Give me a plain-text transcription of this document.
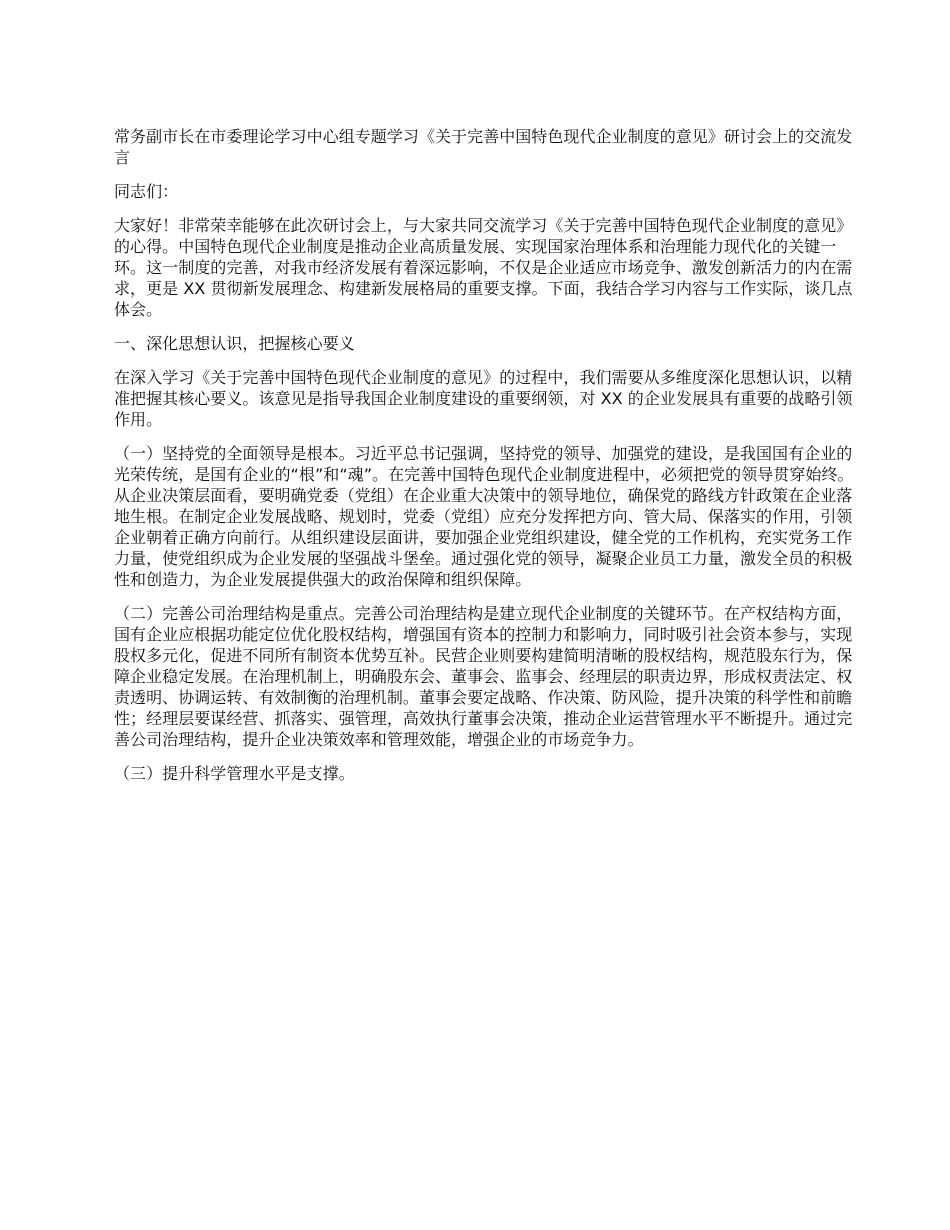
常务副市长在市委理论学习中心组专题学习《关于完善中国特色现代企业制度的意见》研讨会上的交流发言

同志们：

大家好！非常荣幸能够在此次研讨会上，与大家共同交流学习《关于完善中国特色现代企业制度的意见》的心得。中国特色现代企业制度是推动企业高质量发展、实现国家治理体系和治理能力现代化的关键一环。这一制度的完善，对我市经济发展有着深远影响，不仅是企业适应市场竞争、激发创新活力的内在需求，更是 XX 贯彻新发展理念、构建新发展格局的重要支撑。下面，我结合学习内容与工作实际，谈几点体会。

一、深化思想认识，把握核心要义

在深入学习《关于完善中国特色现代企业制度的意见》的过程中，我们需要从多维度深化思想认识，以精准把握其核心要义。该意见是指导我国企业制度建设的重要纲领，对 XX 的企业发展具有重要的战略引领作用。

（一）坚持党的全面领导是根本。习近平总书记强调，坚持党的领导、加强党的建设，是我国国有企业的光荣传统，是国有企业的“根”和“魂”。在完善中国特色现代企业制度进程中，必须把党的领导贯穿始终。从企业决策层面看，要明确党委（党组）在企业重大决策中的领导地位，确保党的路线方针政策在企业落地生根。在制定企业发展战略、规划时，党委（党组）应充分发挥把方向、管大局、保落实的作用，引领企业朝着正确方向前行。从组织建设层面讲，要加强企业党组织建设，健全党的工作机构，充实党务工作力量，使党组织成为企业发展的坚强战斗堡垒。通过强化党的领导，凝聚企业员工力量，激发全员的积极性和创造力，为企业发展提供强大的政治保障和组织保障。

（二）完善公司治理结构是重点。完善公司治理结构是建立现代企业制度的关键环节。在产权结构方面，国有企业应根据功能定位优化股权结构，增强国有资本的控制力和影响力，同时吸引社会资本参与，实现股权多元化，促进不同所有制资本优势互补。民营企业则要构建简明清晰的股权结构，规范股东行为，保障企业稳定发展。在治理机制上，明确股东会、董事会、监事会、经理层的职责边界，形成权责法定、权责透明、协调运转、有效制衡的治理机制。董事会要定战略、作决策、防风险，提升决策的科学性和前瞻性；经理层要谋经营、抓落实、强管理，高效执行董事会决策，推动企业运营管理水平不断提升。通过完善公司治理结构，提升企业决策效率和管理效能，增强企业的市场竞争力。

（三）提升科学管理水平是支撑。
